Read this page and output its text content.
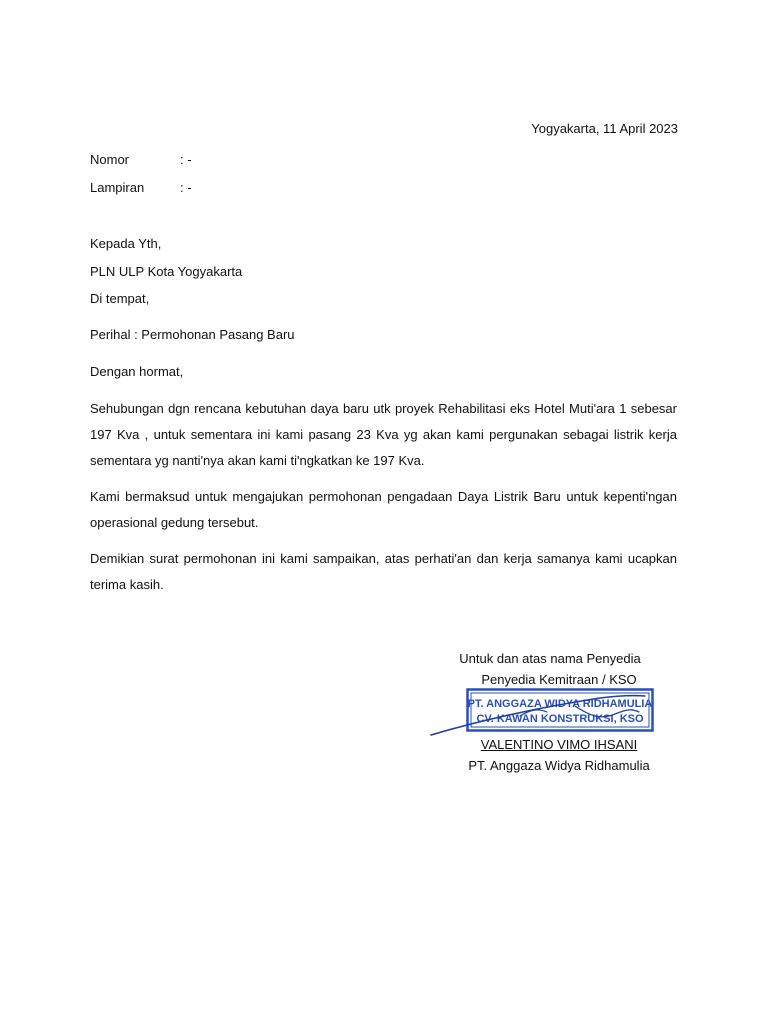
Yogyakarta, 11 April 2023
Nomor	: -
Lampiran	: -
Kepada Yth,
PLN ULP Kota Yogyakarta
Di tempat,
Perihal : Permohonan Pasang Baru
Dengan hormat,
Sehubungan dgn rencana kebutuhan daya baru utk proyek Rehabilitasi eks Hotel Muti'ara 1 sebesar 197 Kva , untuk sementara ini kami pasang 23 Kva yg akan kami pergunakan sebagai listrik kerja sementara yg nanti'nya akan kami ti'ngkatkan ke 197 Kva.
Kami bermaksud untuk mengajukan permohonan pengadaan Daya Listrik Baru untuk kepenti'ngan operasional gedung tersebut.
Demikian surat permohonan ini kami sampaikan, atas perhati'an dan kerja samanya kami ucapkan terima kasih.
Untuk dan atas nama Penyedia
Penyedia Kemitraan / KSO
VALENTINO VIMO IHSANI
PT. Anggaza Widya Ridhamulia
PT. ANGGAZA WIDYA RIDHAMULIA
CV. KAWAN KONSTRUKSI, KSO
